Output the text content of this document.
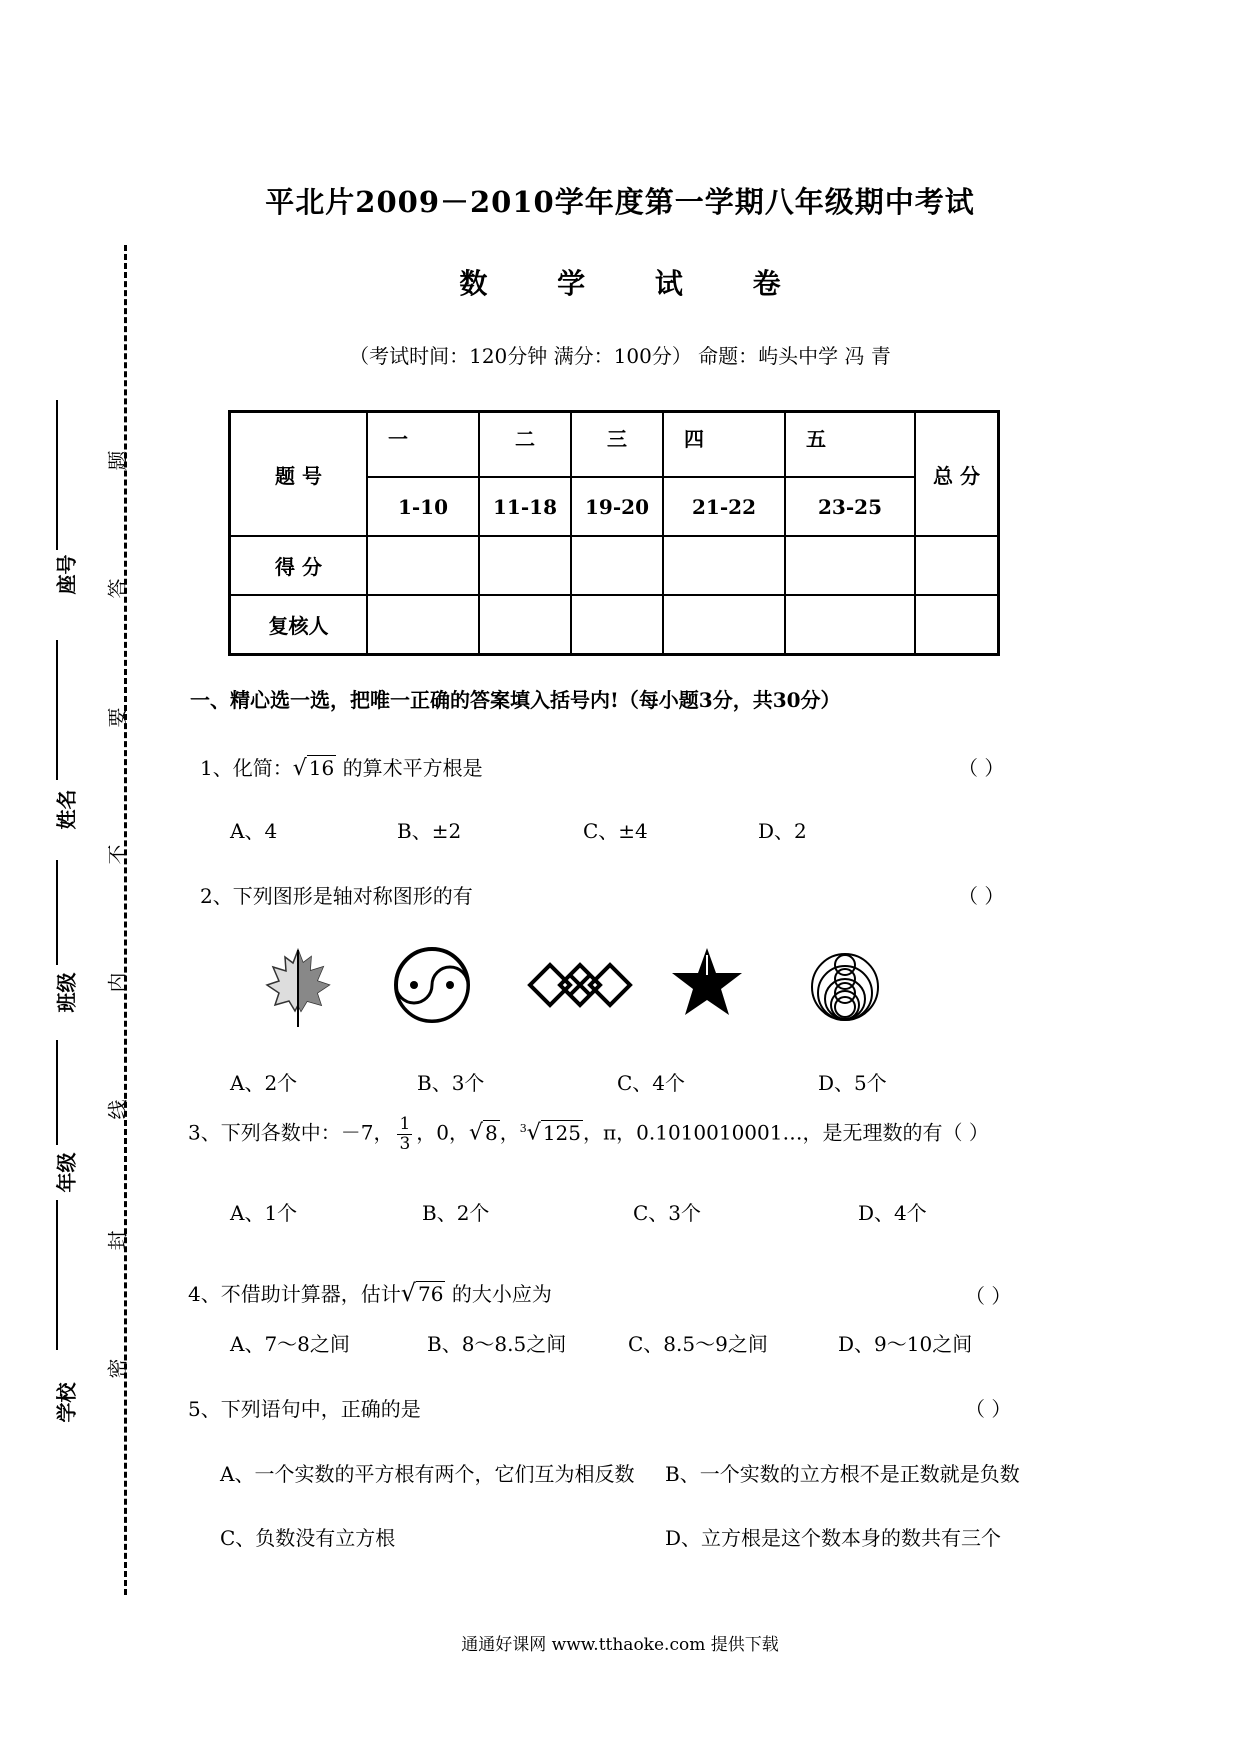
题
答
要
不
内
线
封
密
座号
姓名
班级
年级
学校
平北片2009－2010学年度第一学期八年级期中考试
数 学 试 卷
（考试时间：120分钟 满分：100分） 命题：屿头中学 冯 青
题 号	一	二	三	四	五	总 分
	1-10	11-18	19-20	21-22	23-25	
得 分						
复核人						
一、精心选一选，把唯一正确的答案填入括号内!（每小题3分，共30分）
1、化简：√ 16 的算术平方根是	（ ）
A、4	B、±2	C、±4	D、2
2、下列图形是轴对称图形的有	（ ）
A、2个	B、3个	C、4个	D、5个
3、下列各数中：－7， $\frac{1}{3}$ ，0，√ 8 ，$^3$√ 125 ，π，0.1010010001…，是无理数的有（ ）
A、1个	B、2个	C、3个	D、4个
4、不借助计算器，估计√ 76 的大小应为	（ ）
A、7～8之间	B、8～8.5之间	C、8.5～9之间	D、9～10之间
5、下列语句中，正确的是	（ ）
A、一个实数的平方根有两个，它们互为相反数 B、一个实数的立方根不是正数就是负数
C、负数没有立方根	D、立方根是这个数本身的数共有三个
通通好课网 www.tthaoke.com 提供下载
